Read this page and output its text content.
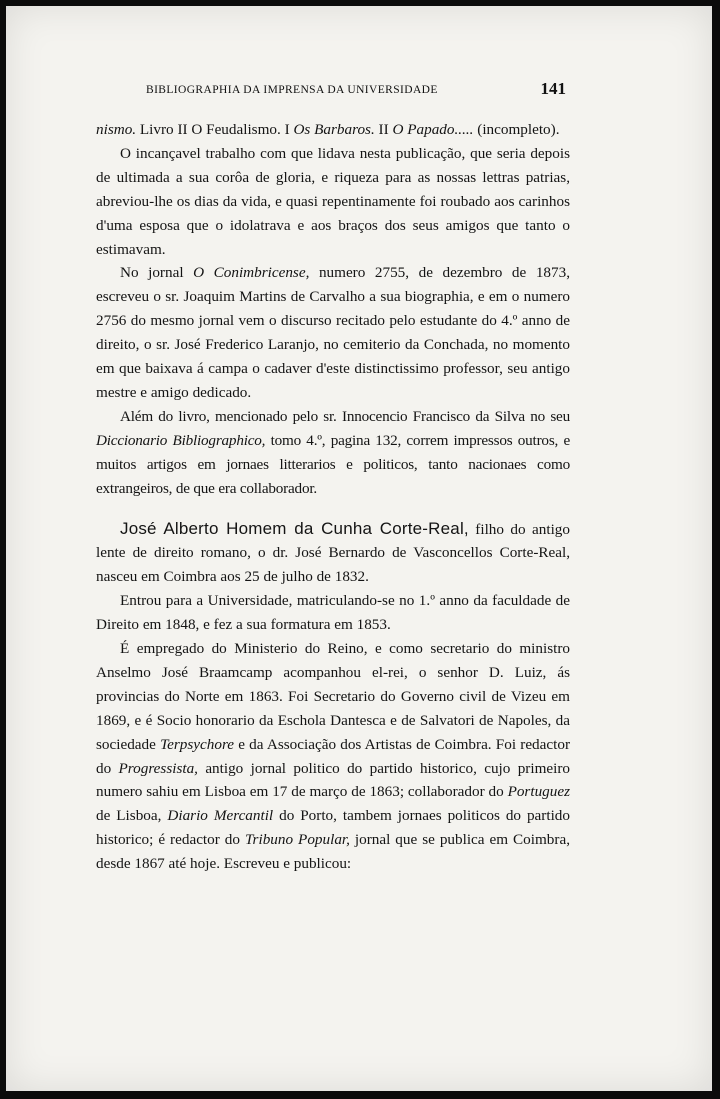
BIBLIOGRAPHIA DA IMPRENSA DA UNIVERSIDADE	141

nismo. Livro II O Feudalismo. I Os Barbaros. II O Papado..... (incompleto).

O incançavel trabalho com que lidava nesta publicação, que seria depois de ultimada a sua corôa de gloria, e riqueza para as nossas lettras patrias, abreviou-lhe os dias da vida, e quasi repentinamente foi roubado aos carinhos d'uma esposa que o idolatrava e aos braços dos seus amigos que tanto o estimavam.

No jornal O Conimbricense, numero 2755, de dezembro de 1873, escreveu o sr. Joaquim Martins de Carvalho a sua biographia, e em o numero 2756 do mesmo jornal vem o discurso recitado pelo estudante do 4.º anno de direito, o sr. José Frederico Laranjo, no cemiterio da Conchada, no momento em que baixava á campa o cadaver d'este distinctissimo professor, seu antigo mestre e amigo dedicado.

Além do livro, mencionado pelo sr. Innocencio Francisco da Silva no seu Diccionario Bibliographico, tomo 4.º, pagina 132, correm impressos outros, e muitos artigos em jornaes litterarios e politicos, tanto nacionaes como extrangeiros, de que era collaborador.

José Alberto Homem da Cunha Corte-Real, filho do antigo lente de direito romano, o dr. José Bernardo de Vasconcellos Corte-Real, nasceu em Coimbra aos 25 de julho de 1832.

Entrou para a Universidade, matriculando-se no 1.º anno da faculdade de Direito em 1848, e fez a sua formatura em 1853.

É empregado do Ministerio do Reino, e como secretario do ministro Anselmo José Braamcamp acompanhou el-rei, o senhor D. Luiz, ás provincias do Norte em 1863. Foi Secretario do Governo civil de Vizeu em 1869, e é Socio honorario da Eschola Dantesca e de Salvatori de Napoles, da sociedade Terpsychore e da Associação dos Artistas de Coimbra. Foi redactor do Progressista, antigo jornal politico do partido historico, cujo primeiro numero sahiu em Lisboa em 17 de março de 1863; collaborador do Portuguez de Lisboa, Diario Mercantil do Porto, tambem jornaes politicos do partido historico; é redactor do Tribuno Popular, jornal que se publica em Coimbra, desde 1867 até hoje. Escreveu e publicou:
